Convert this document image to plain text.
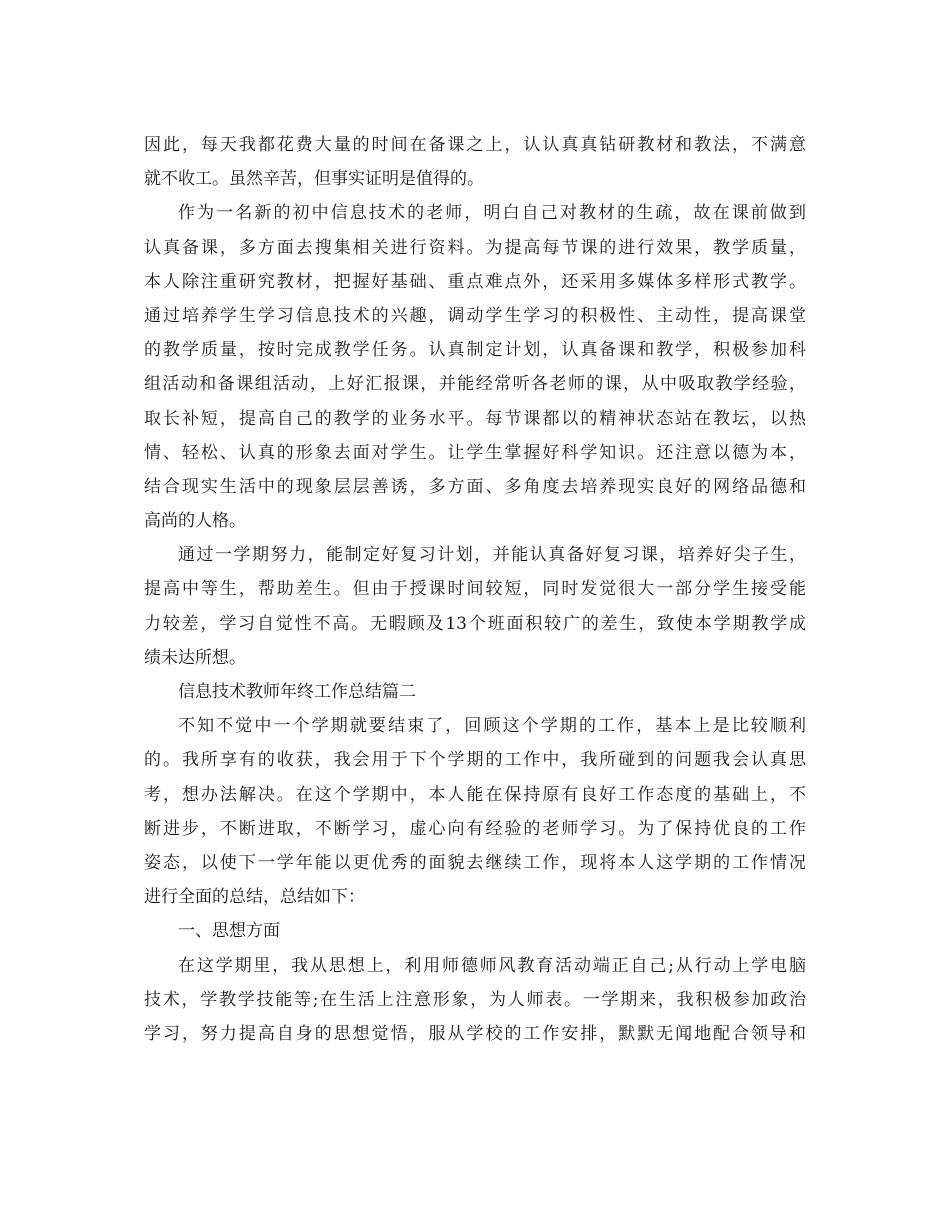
因此，每天我都花费大量的时间在备课之上，认认真真钻研教材和教法，不满意
就不收工。虽然辛苦，但事实证明是值得的。
作为一名新的初中信息技术的老师，明白自己对教材的生疏，故在课前做到
认真备课，多方面去搜集相关进行资料。为提高每节课的进行效果，教学质量，
本人除注重研究教材，把握好基础、重点难点外，还采用多媒体多样形式教学。
通过培养学生学习信息技术的兴趣，调动学生学习的积极性、主动性，提高课堂
的教学质量，按时完成教学任务。认真制定计划，认真备课和教学，积极参加科
组活动和备课组活动，上好汇报课，并能经常听各老师的课，从中吸取教学经验，
取长补短，提高自己的教学的业务水平。每节课都以的精神状态站在教坛，以热
情、轻松、认真的形象去面对学生。让学生掌握好科学知识。还注意以德为本，
结合现实生活中的现象层层善诱，多方面、多角度去培养现实良好的网络品德和
高尚的人格。
通过一学期努力，能制定好复习计划，并能认真备好复习课，培养好尖子生，
提高中等生，帮助差生。但由于授课时间较短，同时发觉很大一部分学生接受能
力较差，学习自觉性不高。无暇顾及13个班面积较广的差生，致使本学期教学成
绩未达所想。
信息技术教师年终工作总结篇二
不知不觉中一个学期就要结束了，回顾这个学期的工作，基本上是比较顺利
的。我所享有的收获，我会用于下个学期的工作中，我所碰到的问题我会认真思
考，想办法解决。在这个学期中，本人能在保持原有良好工作态度的基础上，不
断进步，不断进取，不断学习，虚心向有经验的老师学习。为了保持优良的工作
姿态，以使下一学年能以更优秀的面貌去继续工作，现将本人这学期的工作情况
进行全面的总结，总结如下：
一、思想方面
在这学期里，我从思想上，利用师德师风教育活动端正自己;从行动上学电脑
技术，学教学技能等;在生活上注意形象，为人师表。一学期来，我积极参加政治
学习，努力提高自身的思想觉悟，服从学校的工作安排，默默无闻地配合领导和
